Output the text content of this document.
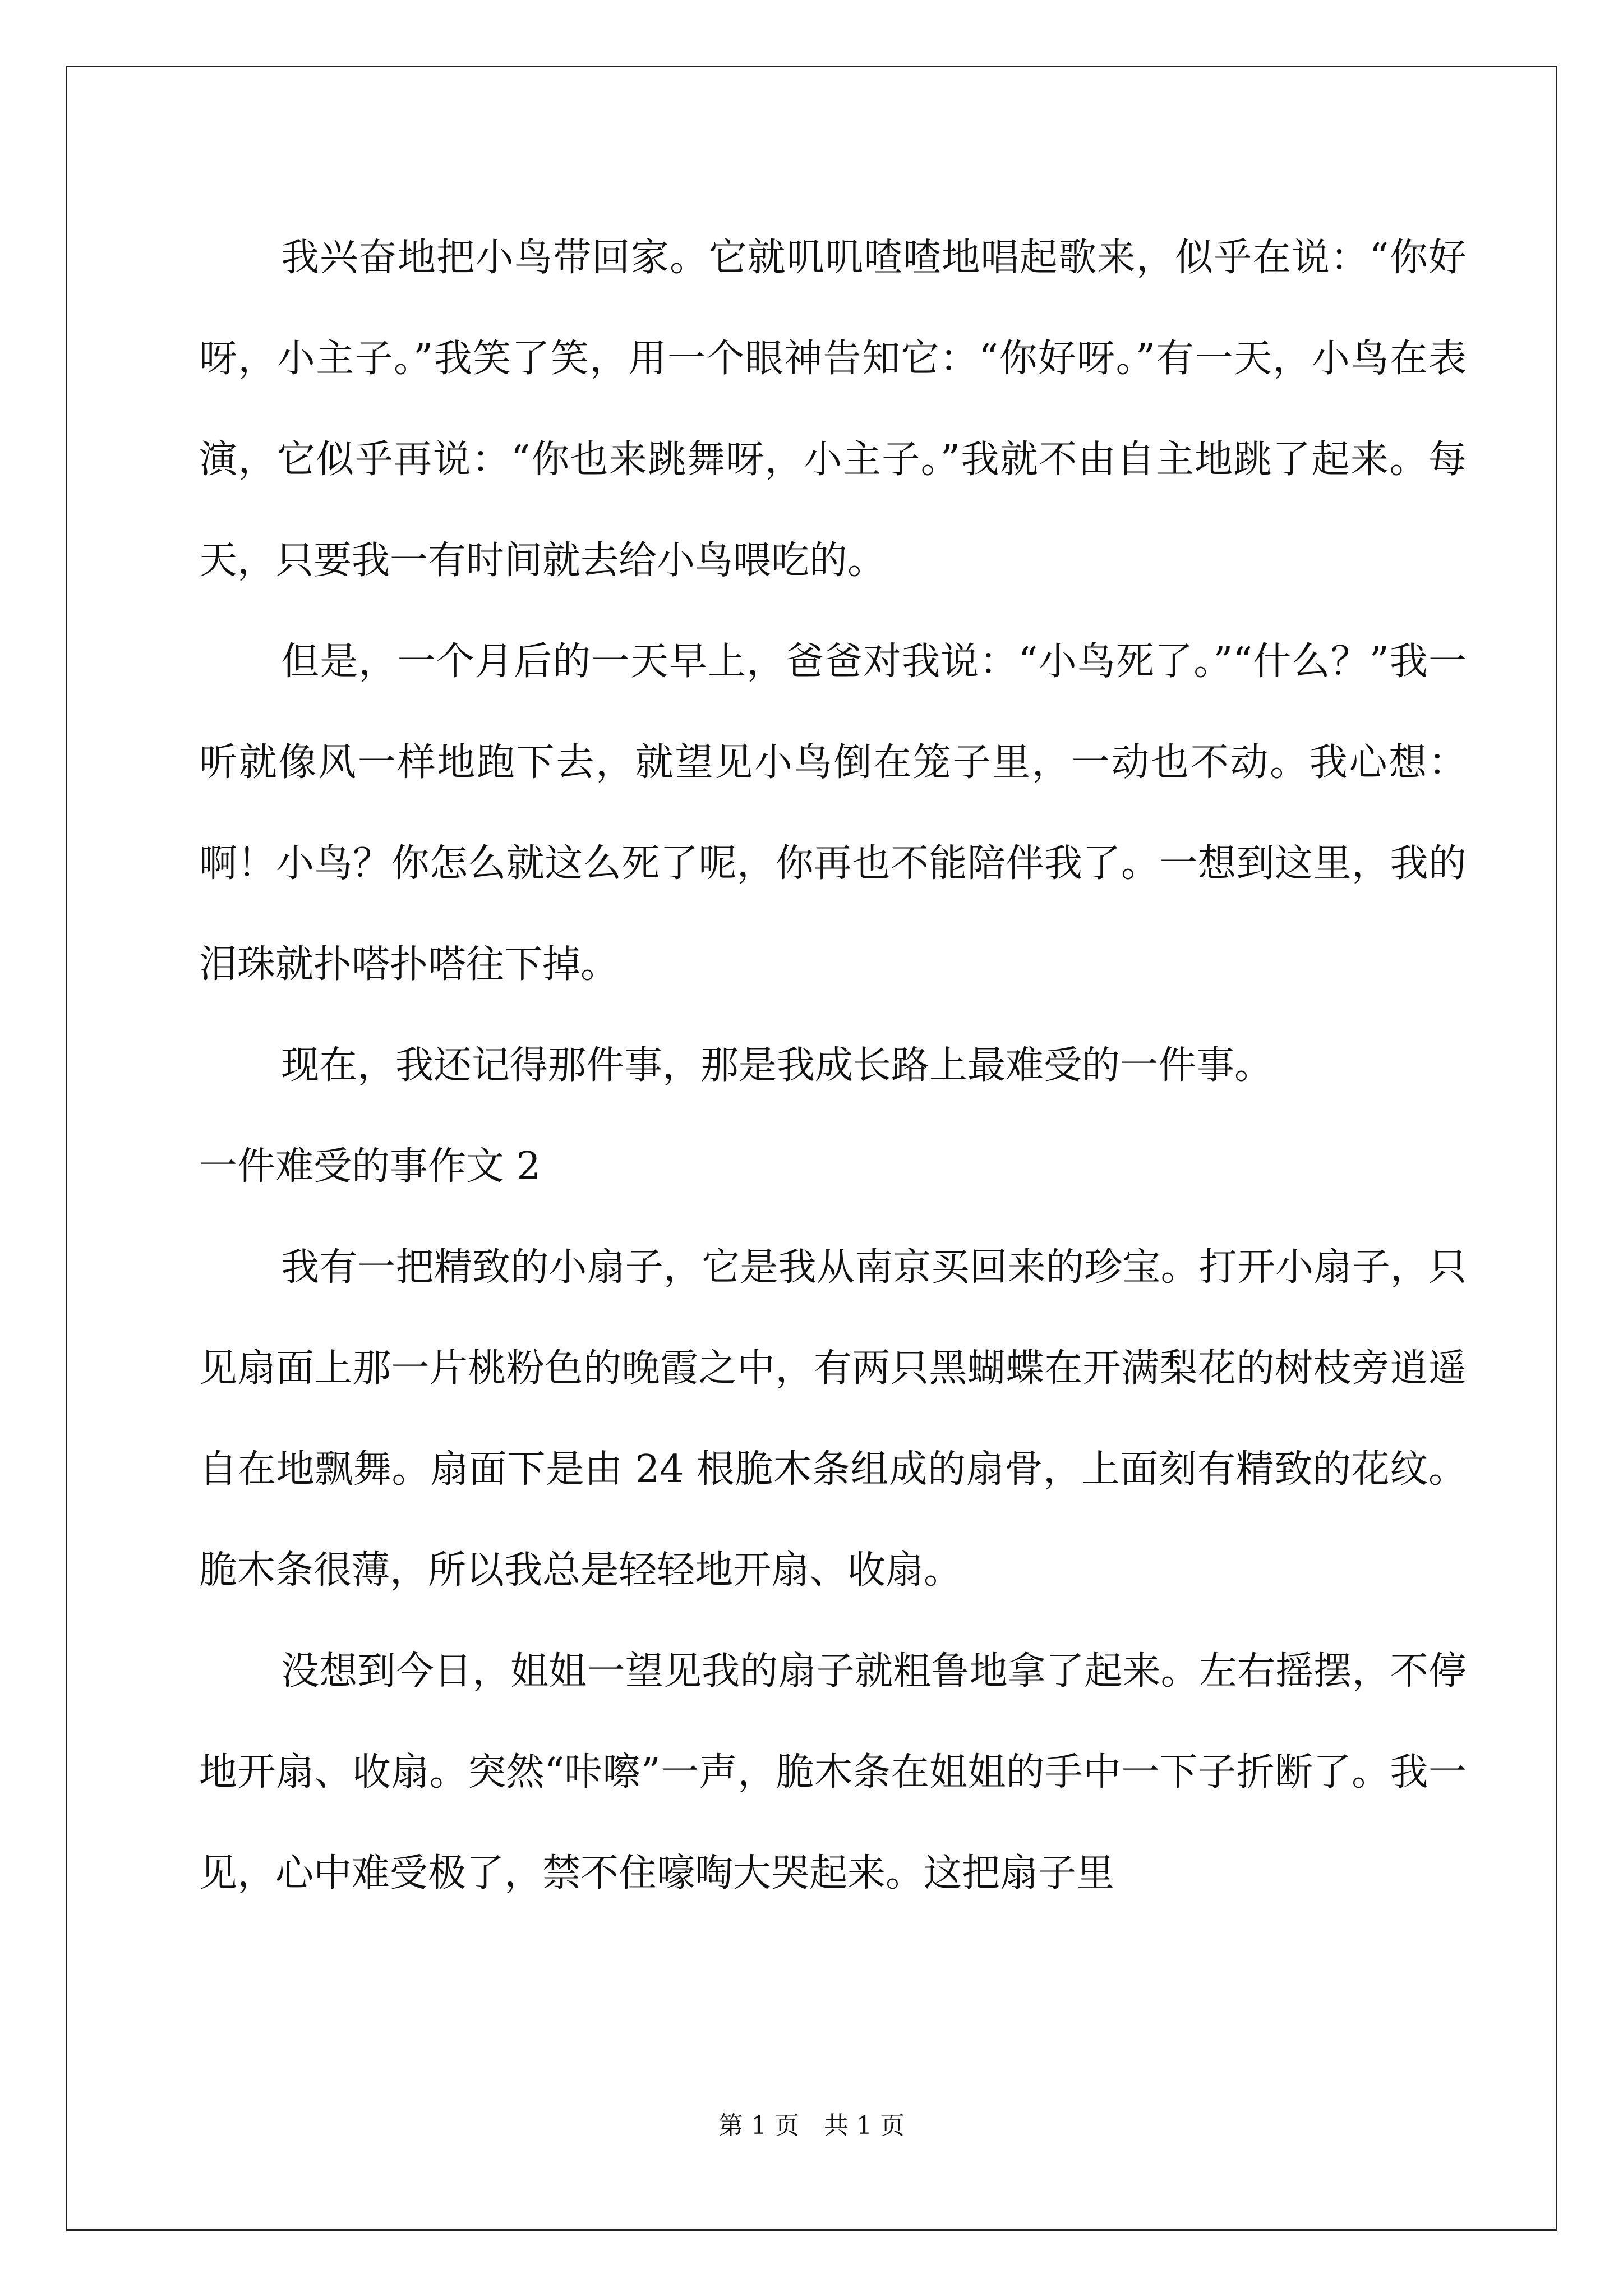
我兴奋地把小鸟带回家。它就叽叽喳喳地唱起歌来，似乎在说：“你好呀，小主子。”我笑了笑，用一个眼神告知它：“你好呀。”有一天，小鸟在表演，它似乎再说：“你也来跳舞呀，小主子。”我就不由自主地跳了起来。每天，只要我一有时间就去给小鸟喂吃的。

但是，一个月后的一天早上，爸爸对我说：“小鸟死了。”“什么？”我一听就像风一样地跑下去，就望见小鸟倒在笼子里，一动也不动。我心想：啊！小鸟？你怎么就这么死了呢，你再也不能陪伴我了。一想到这里，我的泪珠就扑嗒扑嗒往下掉。

现在，我还记得那件事，那是我成长路上最难受的一件事。

一件难受的事作文 2

我有一把精致的小扇子，它是我从南京买回来的珍宝。打开小扇子，只见扇面上那一片桃粉色的晚霞之中，有两只黑蝴蝶在开满梨花的树枝旁逍遥自在地飘舞。扇面下是由 24 根脆木条组成的扇骨，上面刻有精致的花纹。脆木条很薄，所以我总是轻轻地开扇、收扇。

没想到今日，姐姐一望见我的扇子就粗鲁地拿了起来。左右摇摆，不停地开扇、收扇。突然“咔嚓”一声，脆木条在姐姐的手中一下子折断了。我一见，心中难受极了，禁不住嚎啕大哭起来。这把扇子里

第 1 页　共 1 页
